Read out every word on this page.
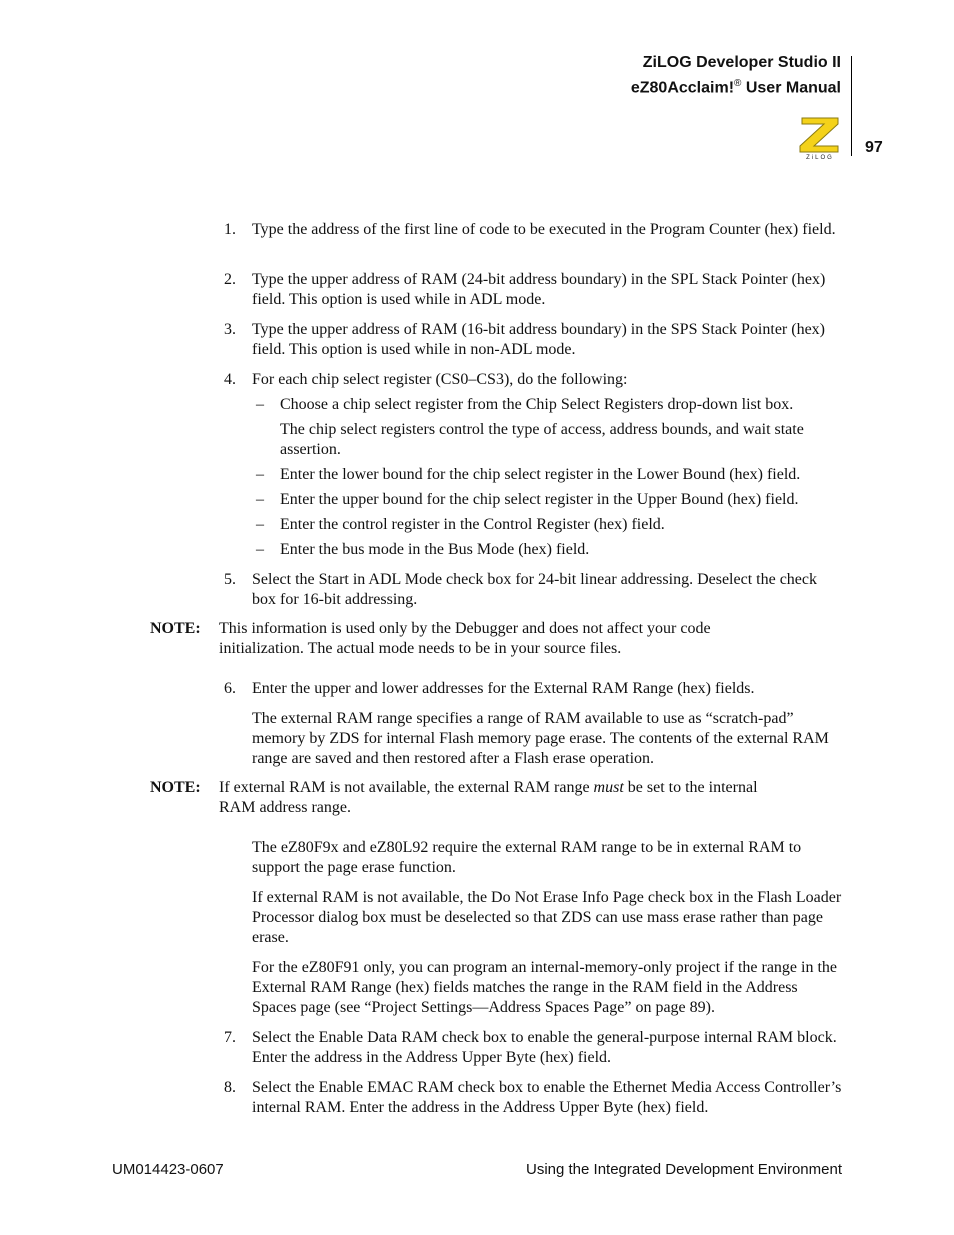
ZiLOG Developer Studio II
eZ80Acclaim!® User Manual
ZiLOG
97
1. Type the address of the first line of code to be executed in the Program Counter (hex) field.
2. Type the upper address of RAM (24-bit address boundary) in the SPL Stack Pointer (hex) field. This option is used while in ADL mode.
3. Type the upper address of RAM (16-bit address boundary) in the SPS Stack Pointer (hex) field. This option is used while in non-ADL mode.
4. For each chip select register (CS0–CS3), do the following:
– Choose a chip select register from the Chip Select Registers drop-down list box.
The chip select registers control the type of access, address bounds, and wait state assertion.
– Enter the lower bound for the chip select register in the Lower Bound (hex) field.
– Enter the upper bound for the chip select register in the Upper Bound (hex) field.
– Enter the control register in the Control Register (hex) field.
– Enter the bus mode in the Bus Mode (hex) field.
5. Select the Start in ADL Mode check box for 24-bit linear addressing. Deselect the check box for 16-bit addressing.
NOTE: This information is used only by the Debugger and does not affect your code initialization. The actual mode needs to be in your source files.
6. Enter the upper and lower addresses for the External RAM Range (hex) fields.
The external RAM range specifies a range of RAM available to use as “scratch-pad” memory by ZDS for internal Flash memory page erase. The contents of the external RAM range are saved and then restored after a Flash erase operation.
NOTE: If external RAM is not available, the external RAM range must be set to the internal RAM address range.
The eZ80F9x and eZ80L92 require the external RAM range to be in external RAM to support the page erase function.
If external RAM is not available, the Do Not Erase Info Page check box in the Flash Loader Processor dialog box must be deselected so that ZDS can use mass erase rather than page erase.
For the eZ80F91 only, you can program an internal-memory-only project if the range in the External RAM Range (hex) fields matches the range in the RAM field in the Address Spaces page (see “Project Settings—Address Spaces Page” on page 89).
7. Select the Enable Data RAM check box to enable the general-purpose internal RAM block. Enter the address in the Address Upper Byte (hex) field.
8. Select the Enable EMAC RAM check box to enable the Ethernet Media Access Controller’s internal RAM. Enter the address in the Address Upper Byte (hex) field.
UM014423-0607	Using the Integrated Development Environment
